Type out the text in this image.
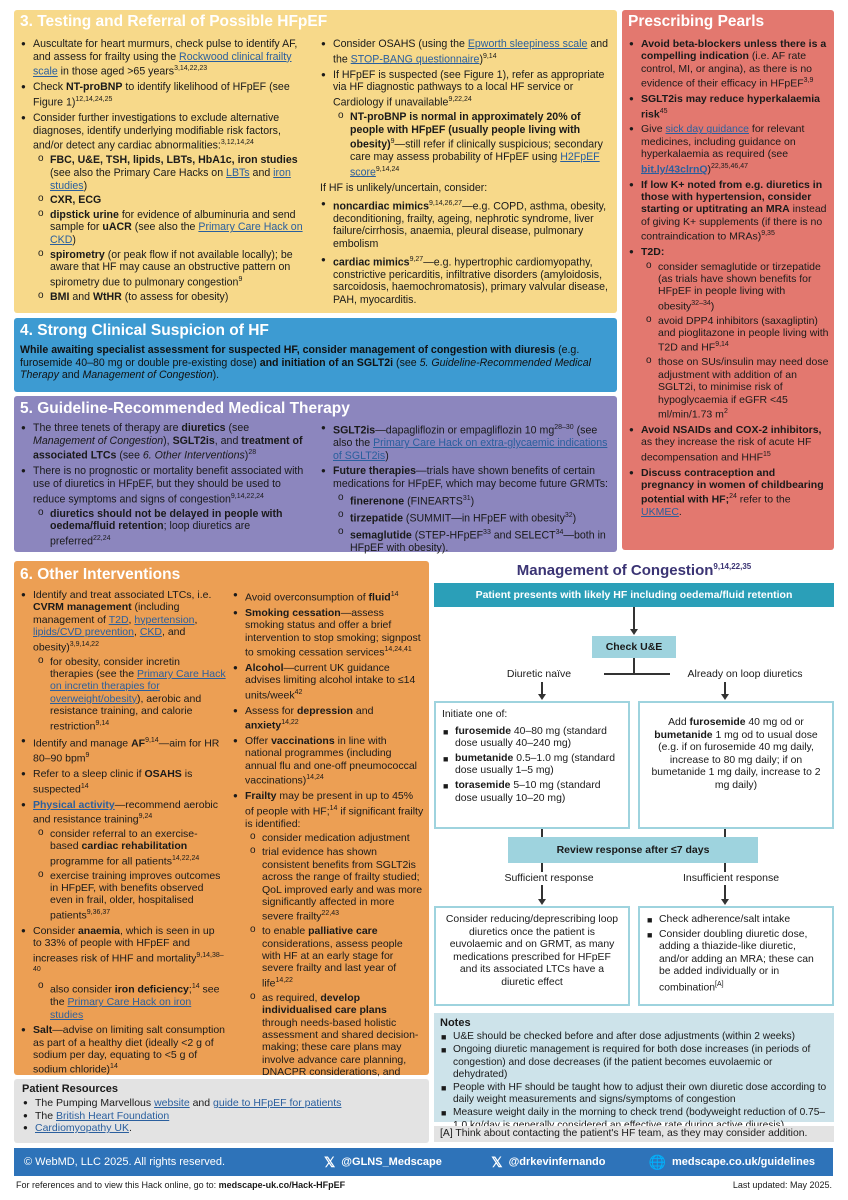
3. Testing and Referral of Possible HFpEF
● Auscultate for heart murmurs, check pulse to identify AF, and assess for frailty using the Rockwood clinical frailty scale in those aged >65 years$^{3,14,22,23}$
● Check NT-proBNP to identify likelihood of HFpEF (see Figure 1)$^{12,14,24,25}$
● Consider further investigations to exclude alternative diagnoses, identify underlying modifiable risk factors, and/or detect any cardiac abnormalities:$^{3,12,14,24}$
o FBC, U&E, TSH, lipids, LBTs, HbA1c, iron studies (see also the Primary Care Hacks on LBTs and iron studies)
o CXR, ECG
o dipstick urine for evidence of albuminuria and send sample for uACR (see also the Primary Care Hack on CKD)
o spirometry (or peak flow if not available locally); be aware that HF may cause an obstructive pattern on spirometry due to pulmonary congestion$^9$
o BMI and WtHR (to assess for obesity)
● Consider OSAHS (using the Epworth sleepiness scale and the STOP-BANG questionnaire)$^{9,14}$
● If HFpEF is suspected (see Figure 1), refer as appropriate via HF diagnostic pathways to a local HF service or Cardiology if unavailable$^{9,22,24}$
o NT-proBNP is normal in approximately 20% of people with HFpEF (usually people living with obesity)$^9$—still refer if clinically suspicious; secondary care may assess probability of HFpEF using H2FpEF score$^{9,14,24}$
If HF is unlikely/uncertain, consider:
● noncardiac mimics$^{9,14,26,27}$—e.g. COPD, asthma, obesity, deconditioning, frailty, ageing, nephrotic syndrome, liver failure/cirrhosis, anaemia, pleural disease, pulmonary embolism
● cardiac mimics$^{9,27}$—e.g. hypertrophic cardiomyopathy, constrictive pericarditis, infiltrative disorders (amyloidosis, sarcoidosis, haemochromatosis), primary valvular disease, PAH, myocarditis.
Prescribing Pearls
● Avoid beta-blockers unless there is a compelling indication (i.e. AF rate control, MI, or angina), as there is no evidence of their efficacy in HFpEF$^{3,9}$
● SGLT2is may reduce hyperkalaemia risk$^{45}$
● Give sick day guidance for relevant medicines, including guidance on hyperkalaemia as required (see bit.ly/43clrnQ)$^{22,35,46,47}$
● If low K+ noted from e.g. diuretics in those with hypertension, consider starting or uptitrating an MRA instead of giving K+ supplements (if there is no contraindication to MRAs)$^{9,35}$
● T2D:
o consider semaglutide or tirzepatide (as trials have shown benefits for HFpEF in people living with obesity$^{32-34}$)
o avoid DPP4 inhibitors (saxagliptin) and pioglitazone in people living with T2D and HF$^{9,14}$
o those on SUs/insulin may need dose adjustment with addition of an SGLT2i, to minimise risk of hypoglycaemia if eGFR <45 ml/min/1.73 $m^2$
● Avoid NSAIDs and COX-2 inhibitors, as they increase the risk of acute HF decompensation and HHF$^{15}$
● Discuss contraception and pregnancy in women of childbearing potential with HF;$^{24}$ refer to the UKMEC.
4. Strong Clinical Suspicion of HF
While awaiting specialist assessment for suspected HF, consider management of congestion with diuresis (e.g. furosemide 40–80 mg or double pre-existing dose) and initiation of an SGLT2i (see 5. Guideline-Recommended Medical Therapy and Management of Congestion).
5. Guideline-Recommended Medical Therapy
● The three tenets of therapy are diuretics (see Management of Congestion), SGLT2is, and treatment of associated LTCs (see 6. Other Interventions)$^{28}$
● There is no prognostic or mortality benefit associated with use of diuretics in HFpEF, but they should be used to reduce symptoms and signs of congestion$^{9,14,22,24}$
o diuretics should not be delayed in people with oedema/fluid retention; loop diuretics are preferred$^{22,24}$
● SGLT2is—dapagliflozin or empagliflozin 10 $mg^{28-30}$ (see also the Primary Care Hack on extra-glycaemic indications of SGLT2is)
● Future therapies—trials have shown benefits of certain medications for HFpEF, which may become future GRMTs:
o finerenone (FINEARTS$^{31}$)
o tirzepatide (SUMMIT—in HFpEF with obesity$^{32}$)
o semaglutide (STEP-HFpEF$^{33}$ and SELECT$^{34}$—both in HFpEF with obesity).
6. Other Interventions
● Identify and treat associated LTCs, i.e. CVRM management (including management of T2D, hypertension, lipids/CVD prevention, CKD, and obesity)$^{3,9,14,22}$
o for obesity, consider incretin therapies (see the Primary Care Hack on incretin therapies for overweight/obesity), aerobic and resistance training, and calorie restriction$^{9,14}$
● Identify and manage AF$^{9,14}$—aim for HR 80–90 bpm$^9$
● Refer to a sleep clinic if OSAHS is suspected$^{14}$
● Physical activity—recommend aerobic and resistance training$^{9,24}$
o consider referral to an exercise-based cardiac rehabilitation programme for all patients$^{14,22,24}$
o exercise training improves outcomes in HFpEF, with benefits observed even in frail, older, hospitalised patients$^{9,36,37}$
● Consider anaemia, which is seen in up to 33% of people with HFpEF and increases risk of HHF and mortality$^{9,14,38-40}$
o also consider iron deficiency;$^{14}$ see the Primary Care Hack on iron studies
● Salt—advise on limiting salt consumption as part of a healthy diet (ideally <2 g of sodium per day, equating to <5 g of sodium chloride)$^{14}$
● Avoid overconsumption of fluid$^{14}$
● Smoking cessation—assess smoking status and offer a brief intervention to stop smoking; signpost to smoking cessation services$^{14,24,41}$
● Alcohol—current UK guidance advises limiting alcohol intake to ≤14 units/week$^{42}$
● Assess for depression and anxiety$^{14,22}$
● Offer vaccinations in line with national programmes (including annual flu and one-off pneumococcal vaccinations)$^{14,24}$
● Frailty may be present in up to 45% of people with HF;$^{14}$ if significant frailty is identified:
o consider medication adjustment
o trial evidence has shown consistent benefits from SGLT2is across the range of frailty studied; QoL improved early and was more significantly affected in more severe frailty$^{22,43}$
o to enable palliative care considerations, assess people with HF at an early stage for severe frailty and last year of life$^{14,22}$
o as required, develop individualised care plans through needs-based holistic assessment and shared decision-making; these care plans may involve advance care planning, DNACPR considerations, and
Patient Resources
● The Pumping Marvellous website and guide to HFpEF for patients
● The British Heart Foundation
● Cardiomyopathy UK.
Management of Congestion$^{9,14,22,35}$
Patient presents with likely HF including oedema/fluid retention
Check U&E
Diuretic naïve	Already on loop diuretics
Initiate one of:
■ furosemide 40–80 mg (standard dose usually 40–240 mg)
■ bumetanide 0.5–1.0 mg (standard dose usually 1–5 mg)
■ torasemide 5–10 mg (standard dose usually 10–20 mg)
Add furosemide 40 mg od or bumetanide 1 mg od to usual dose (e.g. if on furosemide 40 mg daily, increase to 80 mg daily; if on bumetanide 1 mg daily, increase to 2 mg daily)
Review response after ≤7 days
Sufficient response	Insufficient response
Consider reducing/deprescribing loop diuretics once the patient is euvolaemic and on GRMT, as many medications prescribed for HFpEF and its associated LTCs have a diuretic effect
■ Check adherence/salt intake
■ Consider doubling diuretic dose, adding a thiazide-like diuretic, and/or adding an MRA; these can be added individually or in combination[A]
Notes
■ U&E should be checked before and after dose adjustments (within 2 weeks)
■ Ongoing diuretic management is required for both dose increases (in periods of congestion) and dose decreases (if the patient becomes euvolaemic or dehydrated)
■ People with HF should be taught how to adjust their own diuretic dose according to daily weight measurements and signs/symptoms of congestion
■ Measure weight daily in the morning to check trend (bodyweight reduction of 0.75–
[A] Think about contacting the patient's HF team, as they may consider addition.
© WebMD, LLC 2025. All rights reserved.	𝕏 @GLNS_Medscape	𝕏 @drkevinfernando	🌐 medscape.co.uk/guidelines
For references and to view this Hack online, go to: medscape-uk.co/Hack-HFpEF	Last updated: May 2025.
